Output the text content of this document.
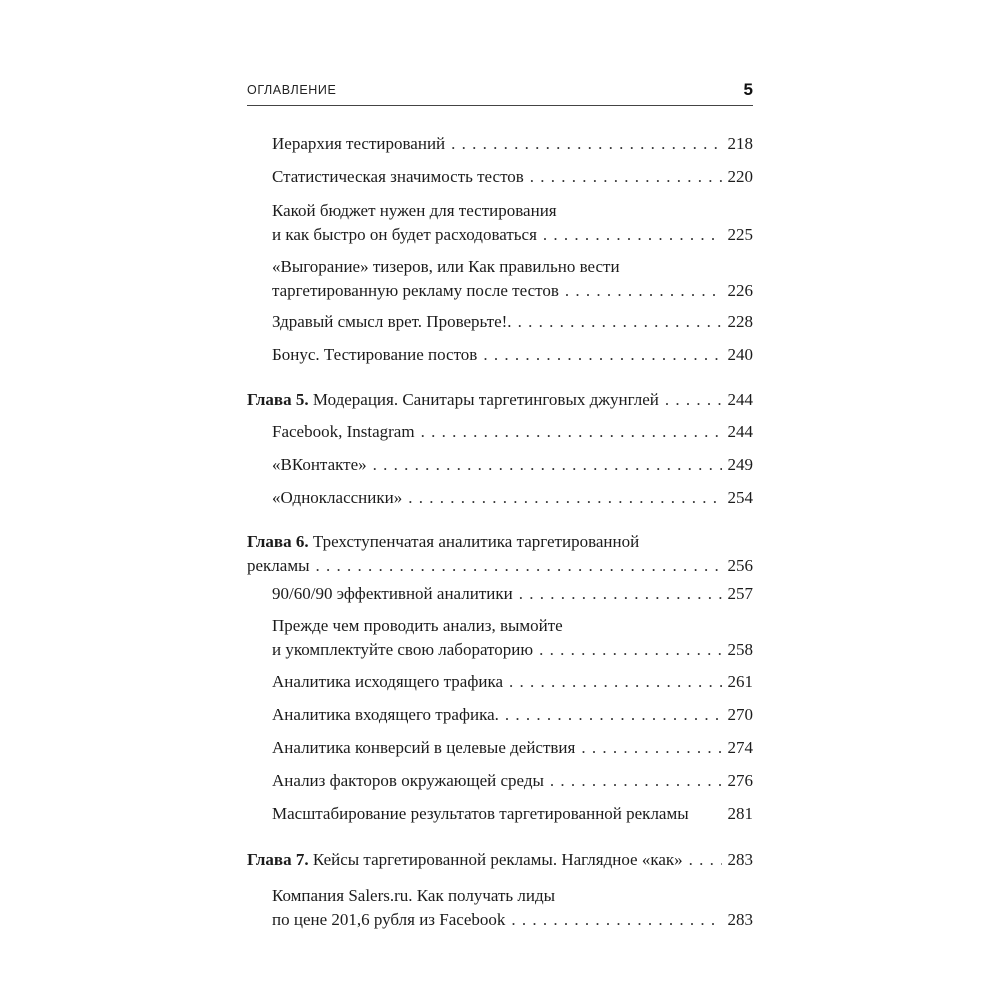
ОГЛАВЛЕНИЕ	5
Иерархия тестирований . . .	218
Статистическая значимость тестов . . .	220
Какой бюджет нужен для тестирования
и как быстро он будет расходоваться . . .	225
«Выгорание» тизеров, или Как правильно вести
таргетированную рекламу после тестов . . .	226
Здравый смысл врет. Проверьте!. . . .	228
Бонус. Тестирование постов . . .	240
Глава 5.
Модерация. Санитары таргетинговых джунглей . . .	244
Facebook, Instagram . . .	244
«ВКонтакте» . . .	249
«Одноклассники» . . .	254
Глава 6. Трехступенчатая аналитика таргетированной
рекламы . . .	256
90/60/90 эффективной аналитики . . .	257
Прежде чем проводить анализ, вымойте
и укомплектуйте свою лабораторию . . .	258
Аналитика исходящего трафика . . .	261
Аналитика входящего трафика. . . .	270
Аналитика конверсий в целевые действия . . .	274
Анализ факторов окружающей среды . . .	276
Масштабирование результатов таргетированной рекламы 281
Глава 7.
Кейсы таргетированной рекламы. Наглядное «как» . . .	283
Компания Salers.ru. Как получать лиды
по цене 201,6 рубля из Facebook . . .	283
